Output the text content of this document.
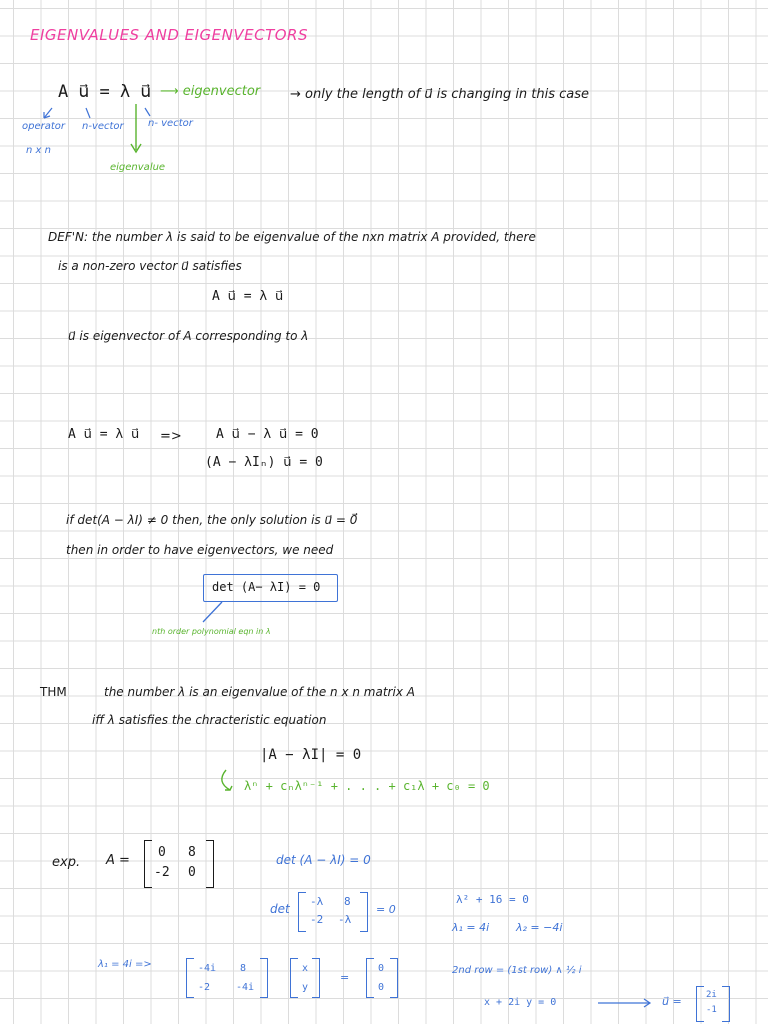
EIGENVALUES AND EIGENVECTORS
A u⃗ = λ u⃗ ⟶ eigenvector → only the length of u⃗ is changing in this case
operator
n x n
n-vector n- vector
eigenvalue
DEF'N: the number λ is said to be eigenvalue of the nxn matrix A provided, there
is a non-zero vector u⃗ satisfies
A u⃗ = λ u⃗
u⃗ is eigenvector of A corresponding to λ
A u⃗ = λ u⃗ =>	A u⃗ − λ u⃗ = 0
(A − λIₙ) u⃗ = 0
if det(A − λI) ≠ 0 then, the only solution is u⃗ = 0⃗
then in order to have eigenvectors, we need
det (A− λI) = 0
nth order polynomial eqn in λ
THM	the number λ is an eigenvalue of the n x n matrix A
iff λ satisfies the chracteristic equation
|A − λI| = 0
λⁿ + cₙλⁿ⁻¹ + . . . + c₁λ + c₀ = 0
exp. A =
0 8
-2 0
det (A − λI) = 0
det
-λ 8
-2 -λ
= 0
λ² + 16 = 0
λ₁ = 4i λ₂ = −4i
λ₁ = 4i =>	-4i 8
-2	-4i
x
y
=
0
0
2nd row = (1st row) ∧ ½ i
x + 2i y = 0	u⃗ =	2i
-1
